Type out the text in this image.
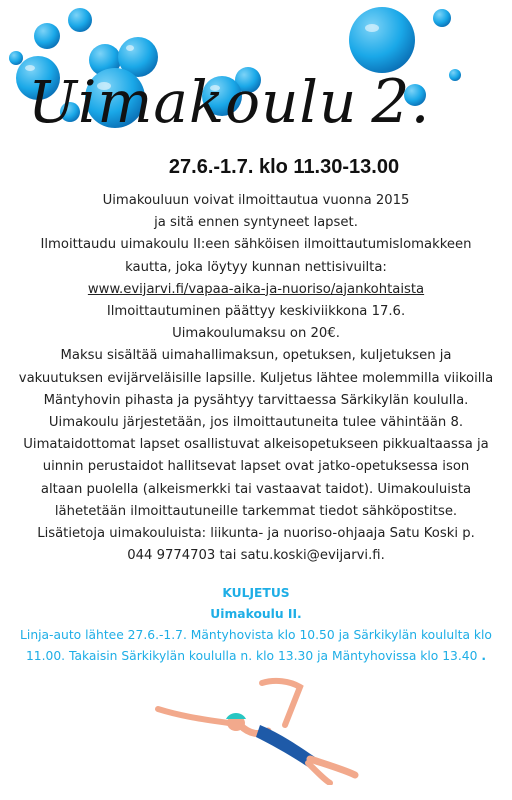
Uimakoulu 2.
27.6.-1.7. klo 11.30-13.00

Uimakouluun voivat ilmoittautua vuonna 2015

ja sitä ennen syntyneet lapset.

Ilmoittaudu uimakoulu II:een sähköisen ilmoittautumislomakkeen

kautta, joka löytyy kunnan nettisivuilta:

www.evijarvi.fi/vapaa-aika-ja-nuoriso/ajankohtaista

Ilmoittautuminen päättyy keskiviikkona 17.6.

Uimakoulumaksu on 20€.

Maksu sisältää uimahallimaksun, opetuksen, kuljetuksen ja

vakuutuksen evijärveläisille lapsille. Kuljetus lähtee molemmilla viikoilla

Mäntyhovin pihasta ja pysähtyy tarvittaessa Särkikylän koululla.

Uimakoulu järjestetään, jos ilmoittautuneita tulee vähintään 8.

Uimataidottomat lapset osallistuvat alkeisopetukseen pikkualtaassa ja

uinnin perustaidot hallitsevat lapset ovat jatko-opetuksessa ison

altaan puolella (alkeismerkki tai vastaavat taidot). Uimakouluista

lähetetään ilmoittautuneille tarkemmat tiedot sähköpostitse.

Lisätietoja uimakouluista: liikunta- ja nuoriso-ohjaaja Satu Koski p.

044 9774703 tai satu.koski@evijarvi.fi.

KULJETUS

Uimakoulu II.

Linja-auto lähtee 27.6.-1.7. Mäntyhovista klo 10.50 ja Särkikylän koululta klo

11.00. Takaisin Särkikylän koululla n. klo 13.30 ja Mäntyhovissa klo 13.40 .
